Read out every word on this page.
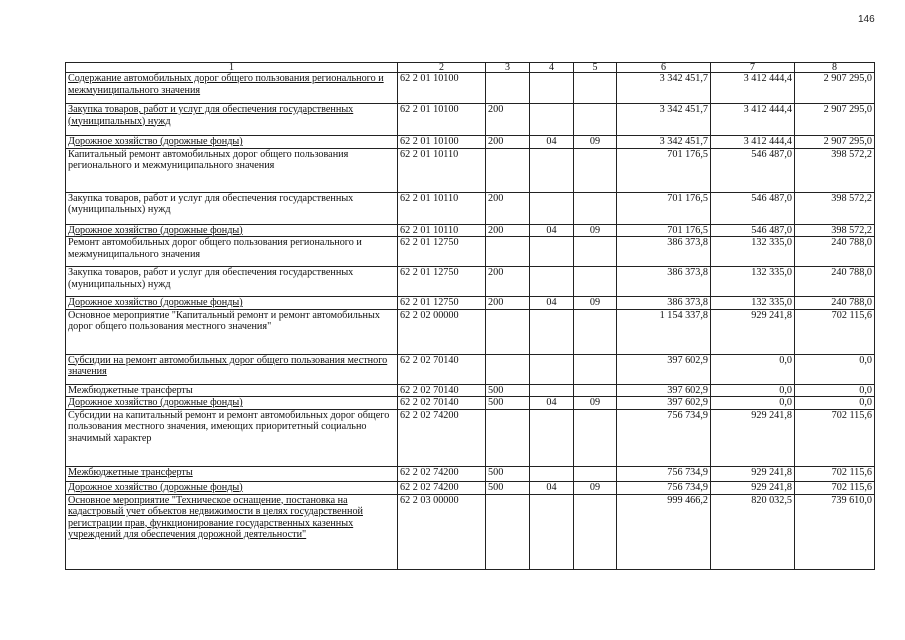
146
1	2	3	4	5	6	7	8
Содержание автомобильных дорог общего пользования регионального и межмуниципального значения	62 2 01 10100				3 342 451,7	3 412 444,4	2 907 295,0
Закупка товаров, работ и услуг для обеспечения государственных (муниципальных) нужд	62 2 01 10100	200			3 342 451,7	3 412 444,4	2 907 295,0
Дорожное хозяйство (дорожные фонды)	62 2 01 10100	200	04	09	3 342 451,7	3 412 444,4	2 907 295,0
Капитальный ремонт автомобильных дорог общего пользования регионального и межмуниципального значения	62 2 01 10110				701 176,5	546 487,0	398 572,2
Закупка товаров, работ и услуг для обеспечения государственных (муниципальных) нужд	62 2 01 10110	200			701 176,5	546 487,0	398 572,2
Дорожное хозяйство (дорожные фонды)	62 2 01 10110	200	04	09	701 176,5	546 487,0	398 572,2
Ремонт автомобильных дорог общего пользования регионального и межмуниципального значения	62 2 01 12750				386 373,8	132 335,0	240 788,0
Закупка товаров, работ и услуг для обеспечения государственных (муниципальных) нужд	62 2 01 12750	200			386 373,8	132 335,0	240 788,0
Дорожное хозяйство (дорожные фонды)	62 2 01 12750	200	04	09	386 373,8	132 335,0	240 788,0
Основное мероприятие "Капитальный ремонт и ремонт автомобильных дорог общего пользования местного значения"	62 2 02 00000				1 154 337,8	929 241,8	702 115,6
Субсидии на ремонт автомобильных дорог общего пользования местного значения	62 2 02 70140				397 602,9	0,0	0,0
Межбюджетные трансферты	62 2 02 70140	500			397 602,9	0,0	0,0
Дорожное хозяйство (дорожные фонды)	62 2 02 70140	500	04	09	397 602,9	0,0	0,0
Субсидии на капитальный ремонт и ремонт автомобильных дорог общего пользования местного значения, имеющих приоритетный социально значимый характер	62 2 02 74200				756 734,9	929 241,8	702 115,6
Межбюджетные трансферты	62 2 02 74200	500			756 734,9	929 241,8	702 115,6
Дорожное хозяйство (дорожные фонды)	62 2 02 74200	500	04	09	756 734,9	929 241,8	702 115,6
Основное мероприятие "Техническое оснащение, постановка на кадастровый учет объектов недвижимости в целях государственной регистрации прав, функционирование государственных казенных учреждений для обеспечения дорожной деятельности"	62 2 03 00000				999 466,2	820 032,5	739 610,0
